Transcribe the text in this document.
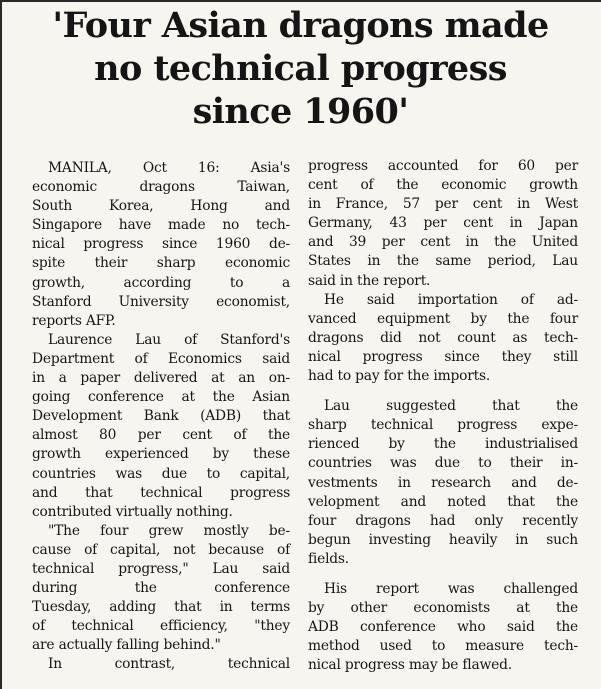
'Four Asian dragons made
no technical progress
since 1960'

MANILA, Oct 16: Asia's

economic dragons Taiwan,
South Korea, Hong and
Singapore have made no tech-
nical progress since 1960 de-
spite their sharp economic
growth, according to a
Stanford University economist,
reports AFP.

Laurence Lau of Stanford's

Department of Economics said
in a paper delivered at an on-
going conference at the Asian
Development Bank (ADB) that
almost 80 per cent of the
growth experienced by these
countries was due to capital,
and that technical progress
contributed virtually nothing.

"The four grew mostly be-

cause of capital, not because of
technical progress," Lau said
during the conference
Tuesday, adding that in terms
of technical efficiency, "they
are actually falling behind."

In contrast, technical

progress accounted for 60 per
cent of the economic growth
in France, 57 per cent in West
Germany, 43 per cent in Japan
and 39 per cent in the United
States in the same period, Lau
said in the report.

He said importation of ad-

vanced equipment by the four
dragons did not count as tech-
nical progress since they still
had to pay for the imports.

Lau suggested that the

sharp technical progress expe-
rienced by the industrialised
countries was due to their in-
vestments in research and de-
velopment and noted that the
four dragons had only recently
begun investing heavily in such
fields.

His report was challenged

by other economists at the
ADB conference who said the
method used to measure tech-
nical progress may be flawed.
